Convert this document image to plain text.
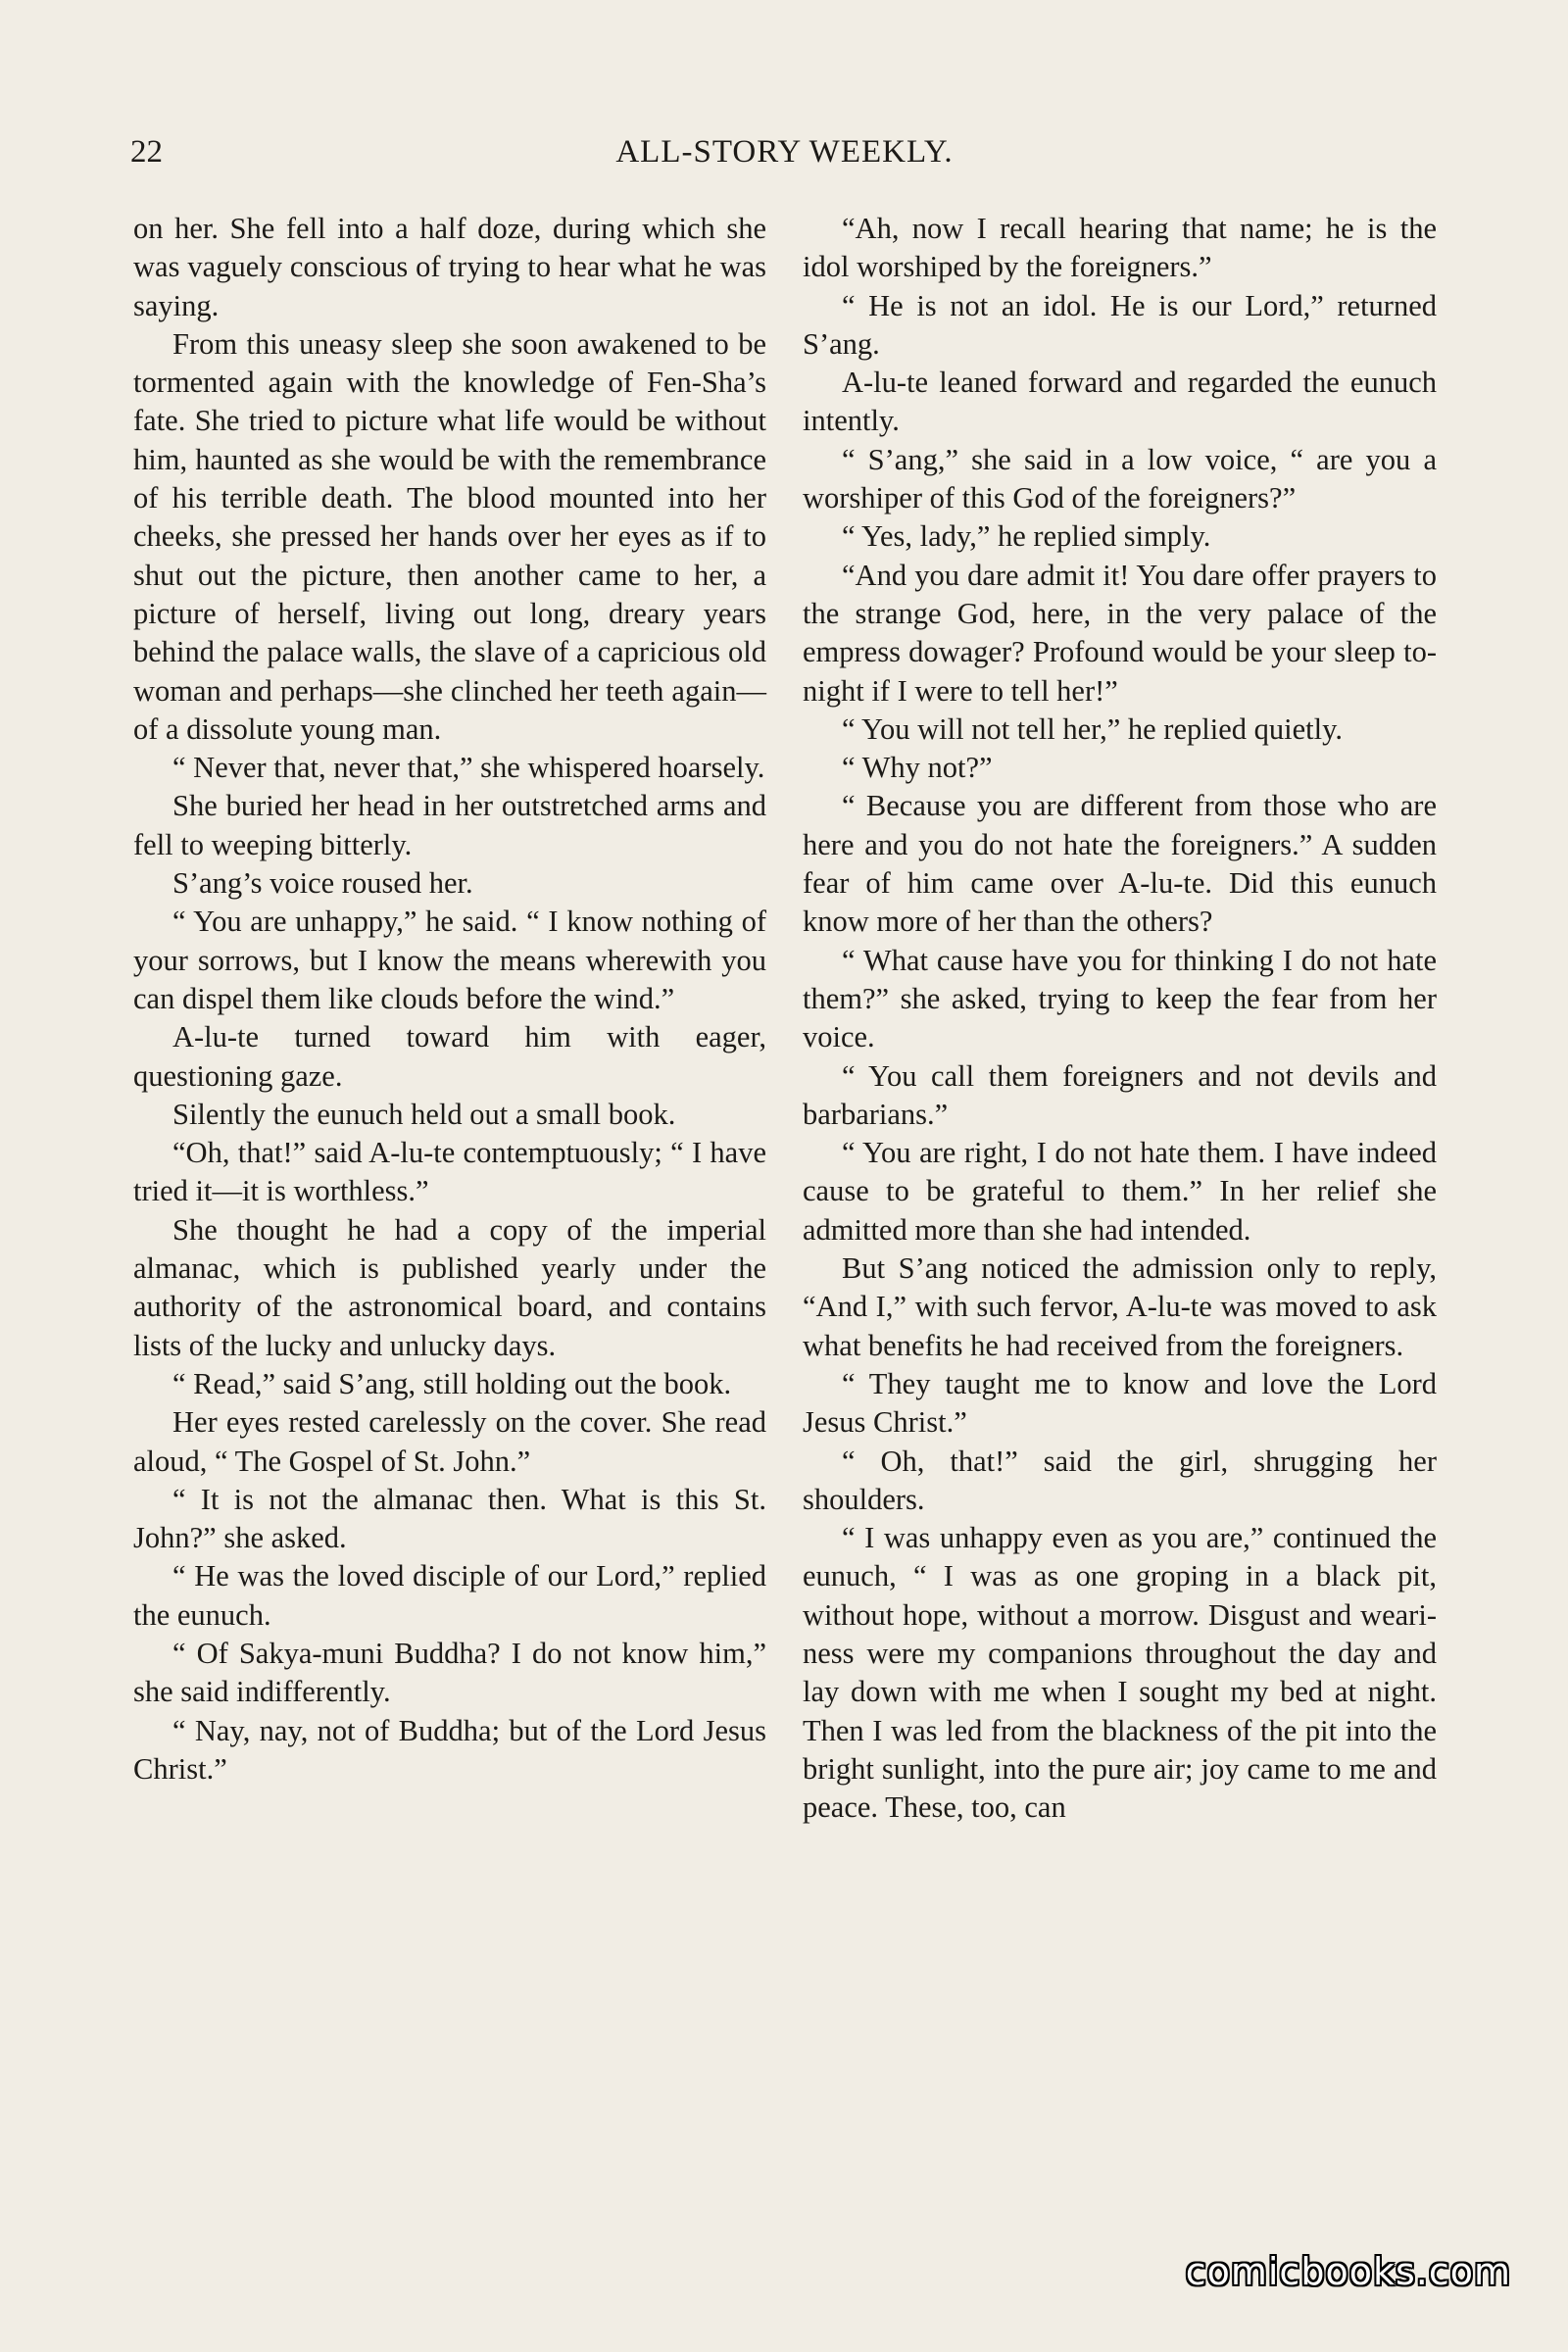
22	ALL-STORY WEEKLY.

on her. She fell into a half doze, during which she was vaguely conscious of trying to hear what he was saying.

From this uneasy sleep she soon awakened to be tormented again with the knowledge of Fen-Sha’s fate. She tried to picture what life would be without him, haunted as she would be with the remembrance of his terrible death. The blood mounted into her cheeks, she pressed her hands over her eyes as if to shut out the picture, then another came to her, a picture of herself, living out long, dreary years behind the palace walls, the slave of a capricious old woman and perhaps—she clinched her teeth again—of a dissolute young man.

“ Never that, never that,” she whispered hoarsely.

She buried her head in her outstretched arms and fell to weeping bitterly.

S’ang’s voice roused her.

“ You are unhappy,” he said. “ I know nothing of your sorrows, but I know the means wherewith you can dispel them like clouds before the wind.”

A-lu-te turned toward him with eager, questioning gaze.

Silently the eunuch held out a small book.

“Oh, that!” said A-lu-te contemptuously; “ I have tried it—it is worthless.”

She thought he had a copy of the imperial almanac, which is published yearly under the authority of the astronomical board, and contains lists of the lucky and unlucky days.

“ Read,” said S’ang, still holding out the book.

Her eyes rested carelessly on the cover. She read aloud, “ The Gospel of St. John.”

“ It is not the almanac then. What is this St. John?” she asked.

“ He was the loved disciple of our Lord,” replied the eunuch.

“ Of Sakya-muni Buddha? I do not know him,” she said indifferently.

“ Nay, nay, not of Buddha; but of the Lord Jesus Christ.”

“Ah, now I recall hearing that name; he is the idol worshiped by the foreigners.”

“ He is not an idol. He is our Lord,” returned S’ang.

A-lu-te leaned forward and regarded the eunuch intently.

“ S’ang,” she said in a low voice, “ are you a worshiper of this God of the foreigners?”

“ Yes, lady,” he replied simply.

“And you dare admit it! You dare offer prayers to the strange God, here, in the very palace of the empress dowager? Profound would be your sleep tonight if I were to tell her!”

“ You will not tell her,” he replied quietly.

“ Why not?”

“ Because you are different from those who are here and you do not hate the foreigners.” A sudden fear of him came over A-lu-te. Did this eunuch know more of her than the others?

“ What cause have you for thinking I do not hate them?” she asked, trying to keep the fear from her voice.

“ You call them foreigners and not devils and barbarians.”

“ You are right, I do not hate them. I have indeed cause to be grateful to them.” In her relief she admitted more than she had intended.

But S’ang noticed the admission only to reply, “And I,” with such fervor, A-lu-te was moved to ask what benefits he had received from the foreigners.

“ They taught me to know and love the Lord Jesus Christ.”

“ Oh, that!” said the girl, shrugging her shoulders.

“ I was unhappy even as you are,” continued the eunuch, “ I was as one groping in a black pit, without hope, without a morrow. Disgust and weariness were my companions throughout the day and lay down with me when I sought my bed at night. Then I was led from the blackness of the pit into the bright sunlight, into the pure air; joy came to me and peace. These, too, can

comicbooks.com
